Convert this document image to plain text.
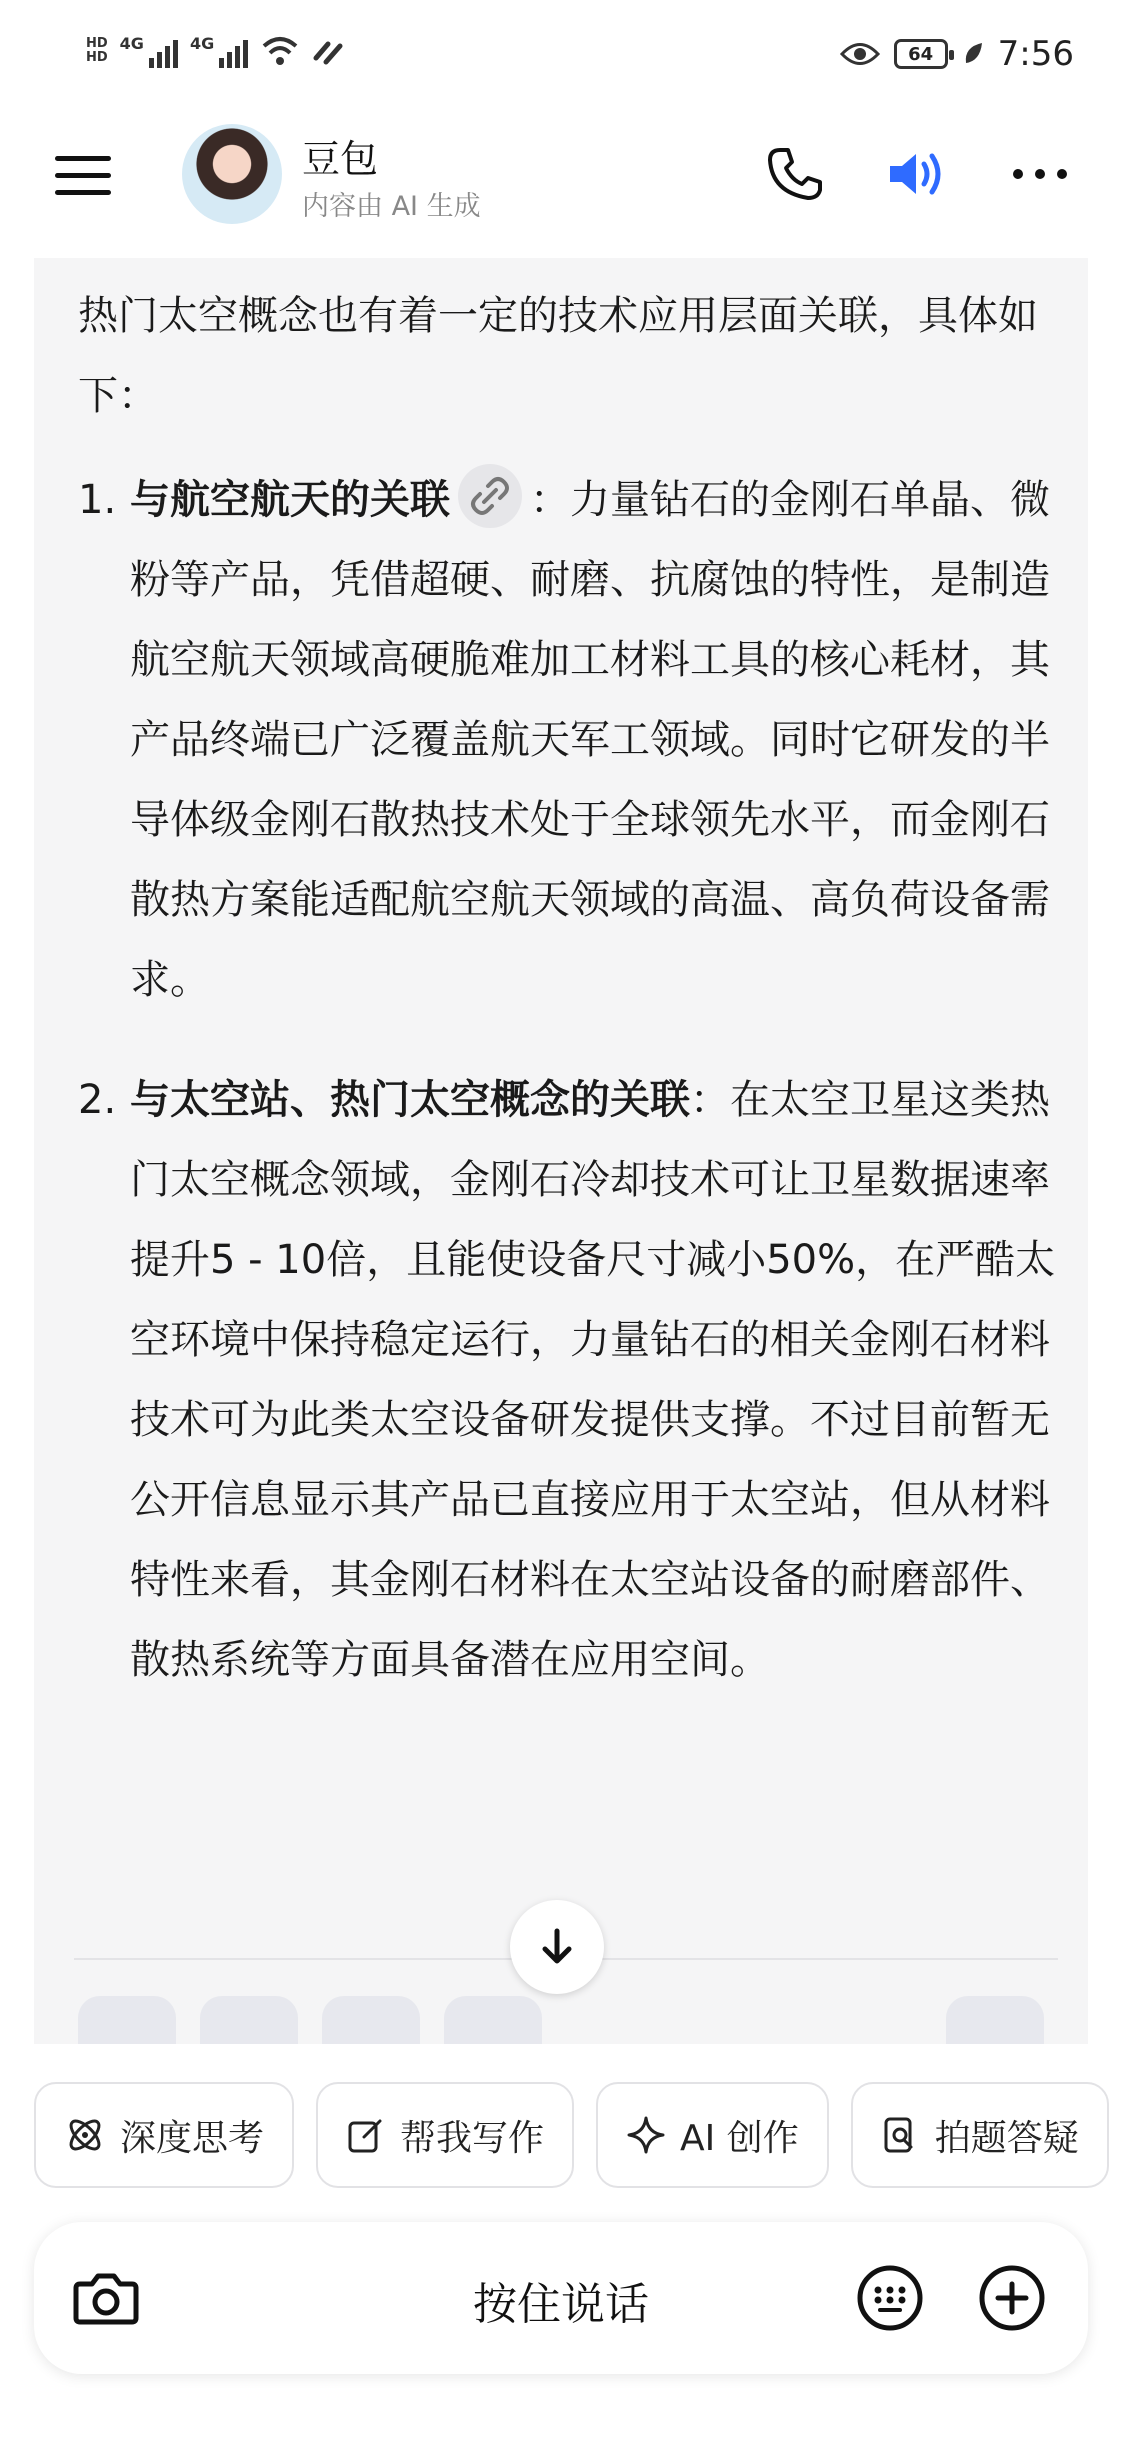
HD
HD
4G	4G	64	7:56
豆包
内容由 AI 生成

热门太空概念也有着一定的技术应用层面关联，具体如下：

1. 与航空航天的关联 ：力量钻石的金刚石单晶、微粉等产品，凭借超硬、耐磨、抗腐蚀的特性，是制造航空航天领域高硬脆难加工材料工具的核心耗材，其产品终端已广泛覆盖航天军工领域。同时它研发的半导体级金刚石散热技术处于全球领先水平，而金刚石散热方案能适配航空航天领域的高温、高负荷设备需求。
2. 与太空站、热门太空概念的关联：在太空卫星这类热门太空概念领域，金刚石冷却技术可让卫星数据速率提升5 - 10倍，且能使设备尺寸减小50%，在严酷太空环境中保持稳定运行，力量钻石的相关金刚石材料技术可为此类太空设备研发提供支撑。不过目前暂无公开信息显示其产品已直接应用于太空站，但从材料特性来看，其金刚石材料在太空站设备的耐磨部件、散热系统等方面具备潜在应用空间。
深度思考	帮我写作	AI 创作	拍题答疑
按住说话
